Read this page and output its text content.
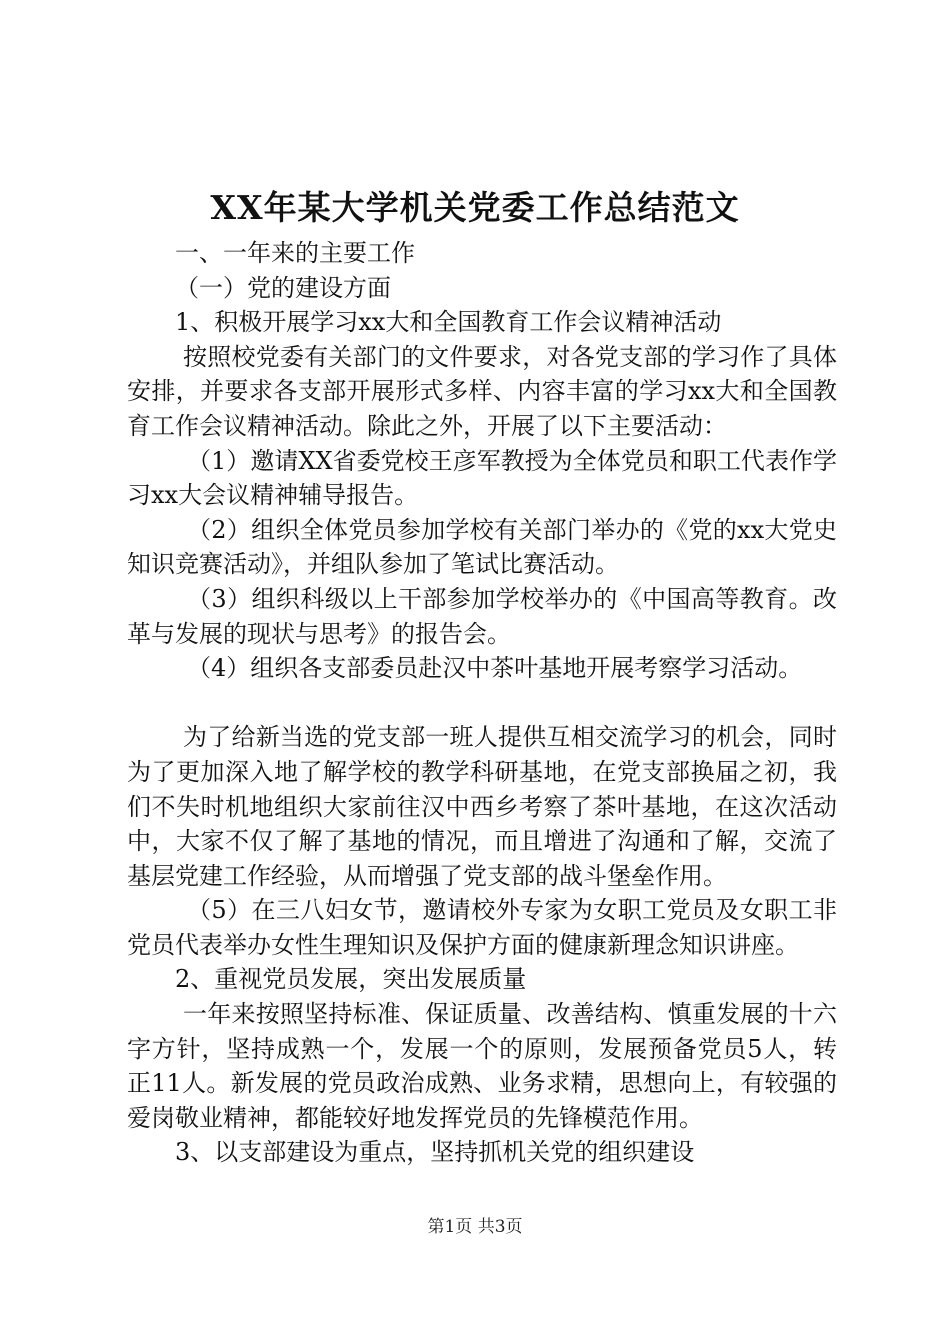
XX年某大学机关党委工作总结范文

一、一年来的主要工作

（一）党的建设方面

1、积极开展学习xx大和全国教育工作会议精神活动

按照校党委有关部门的文件要求，对各党支部的学习作了具体安排，并要求各支部开展形式多样、内容丰富的学习xx大和全国教育工作会议精神活动。除此之外，开展了以下主要活动：

（1）邀请XX省委党校王彦军教授为全体党员和职工代表作学习xx大会议精神辅导报告。

（2）组织全体党员参加学校有关部门举办的《党的xx大党史知识竞赛活动》，并组队参加了笔试比赛活动。

（3）组织科级以上干部参加学校举办的《中国高等教育。改革与发展的现状与思考》的报告会。

（4）组织各支部委员赴汉中茶叶基地开展考察学习活动。

为了给新当选的党支部一班人提供互相交流学习的机会，同时为了更加深入地了解学校的教学科研基地，在党支部换届之初，我们不失时机地组织大家前往汉中西乡考察了茶叶基地，在这次活动中，大家不仅了解了基地的情况，而且增进了沟通和了解，交流了基层党建工作经验，从而增强了党支部的战斗堡垒作用。

（5）在三八妇女节，邀请校外专家为女职工党员及女职工非党员代表举办女性生理知识及保护方面的健康新理念知识讲座。

2、重视党员发展，突出发展质量

一年来按照坚持标准、保证质量、改善结构、慎重发展的十六字方针，坚持成熟一个，发展一个的原则，发展预备党员5人，转正11人。新发展的党员政治成熟、业务求精，思想向上，有较强的爱岗敬业精神，都能较好地发挥党员的先锋模范作用。

3、以支部建设为重点，坚持抓机关党的组织建设

第1页 共3页
